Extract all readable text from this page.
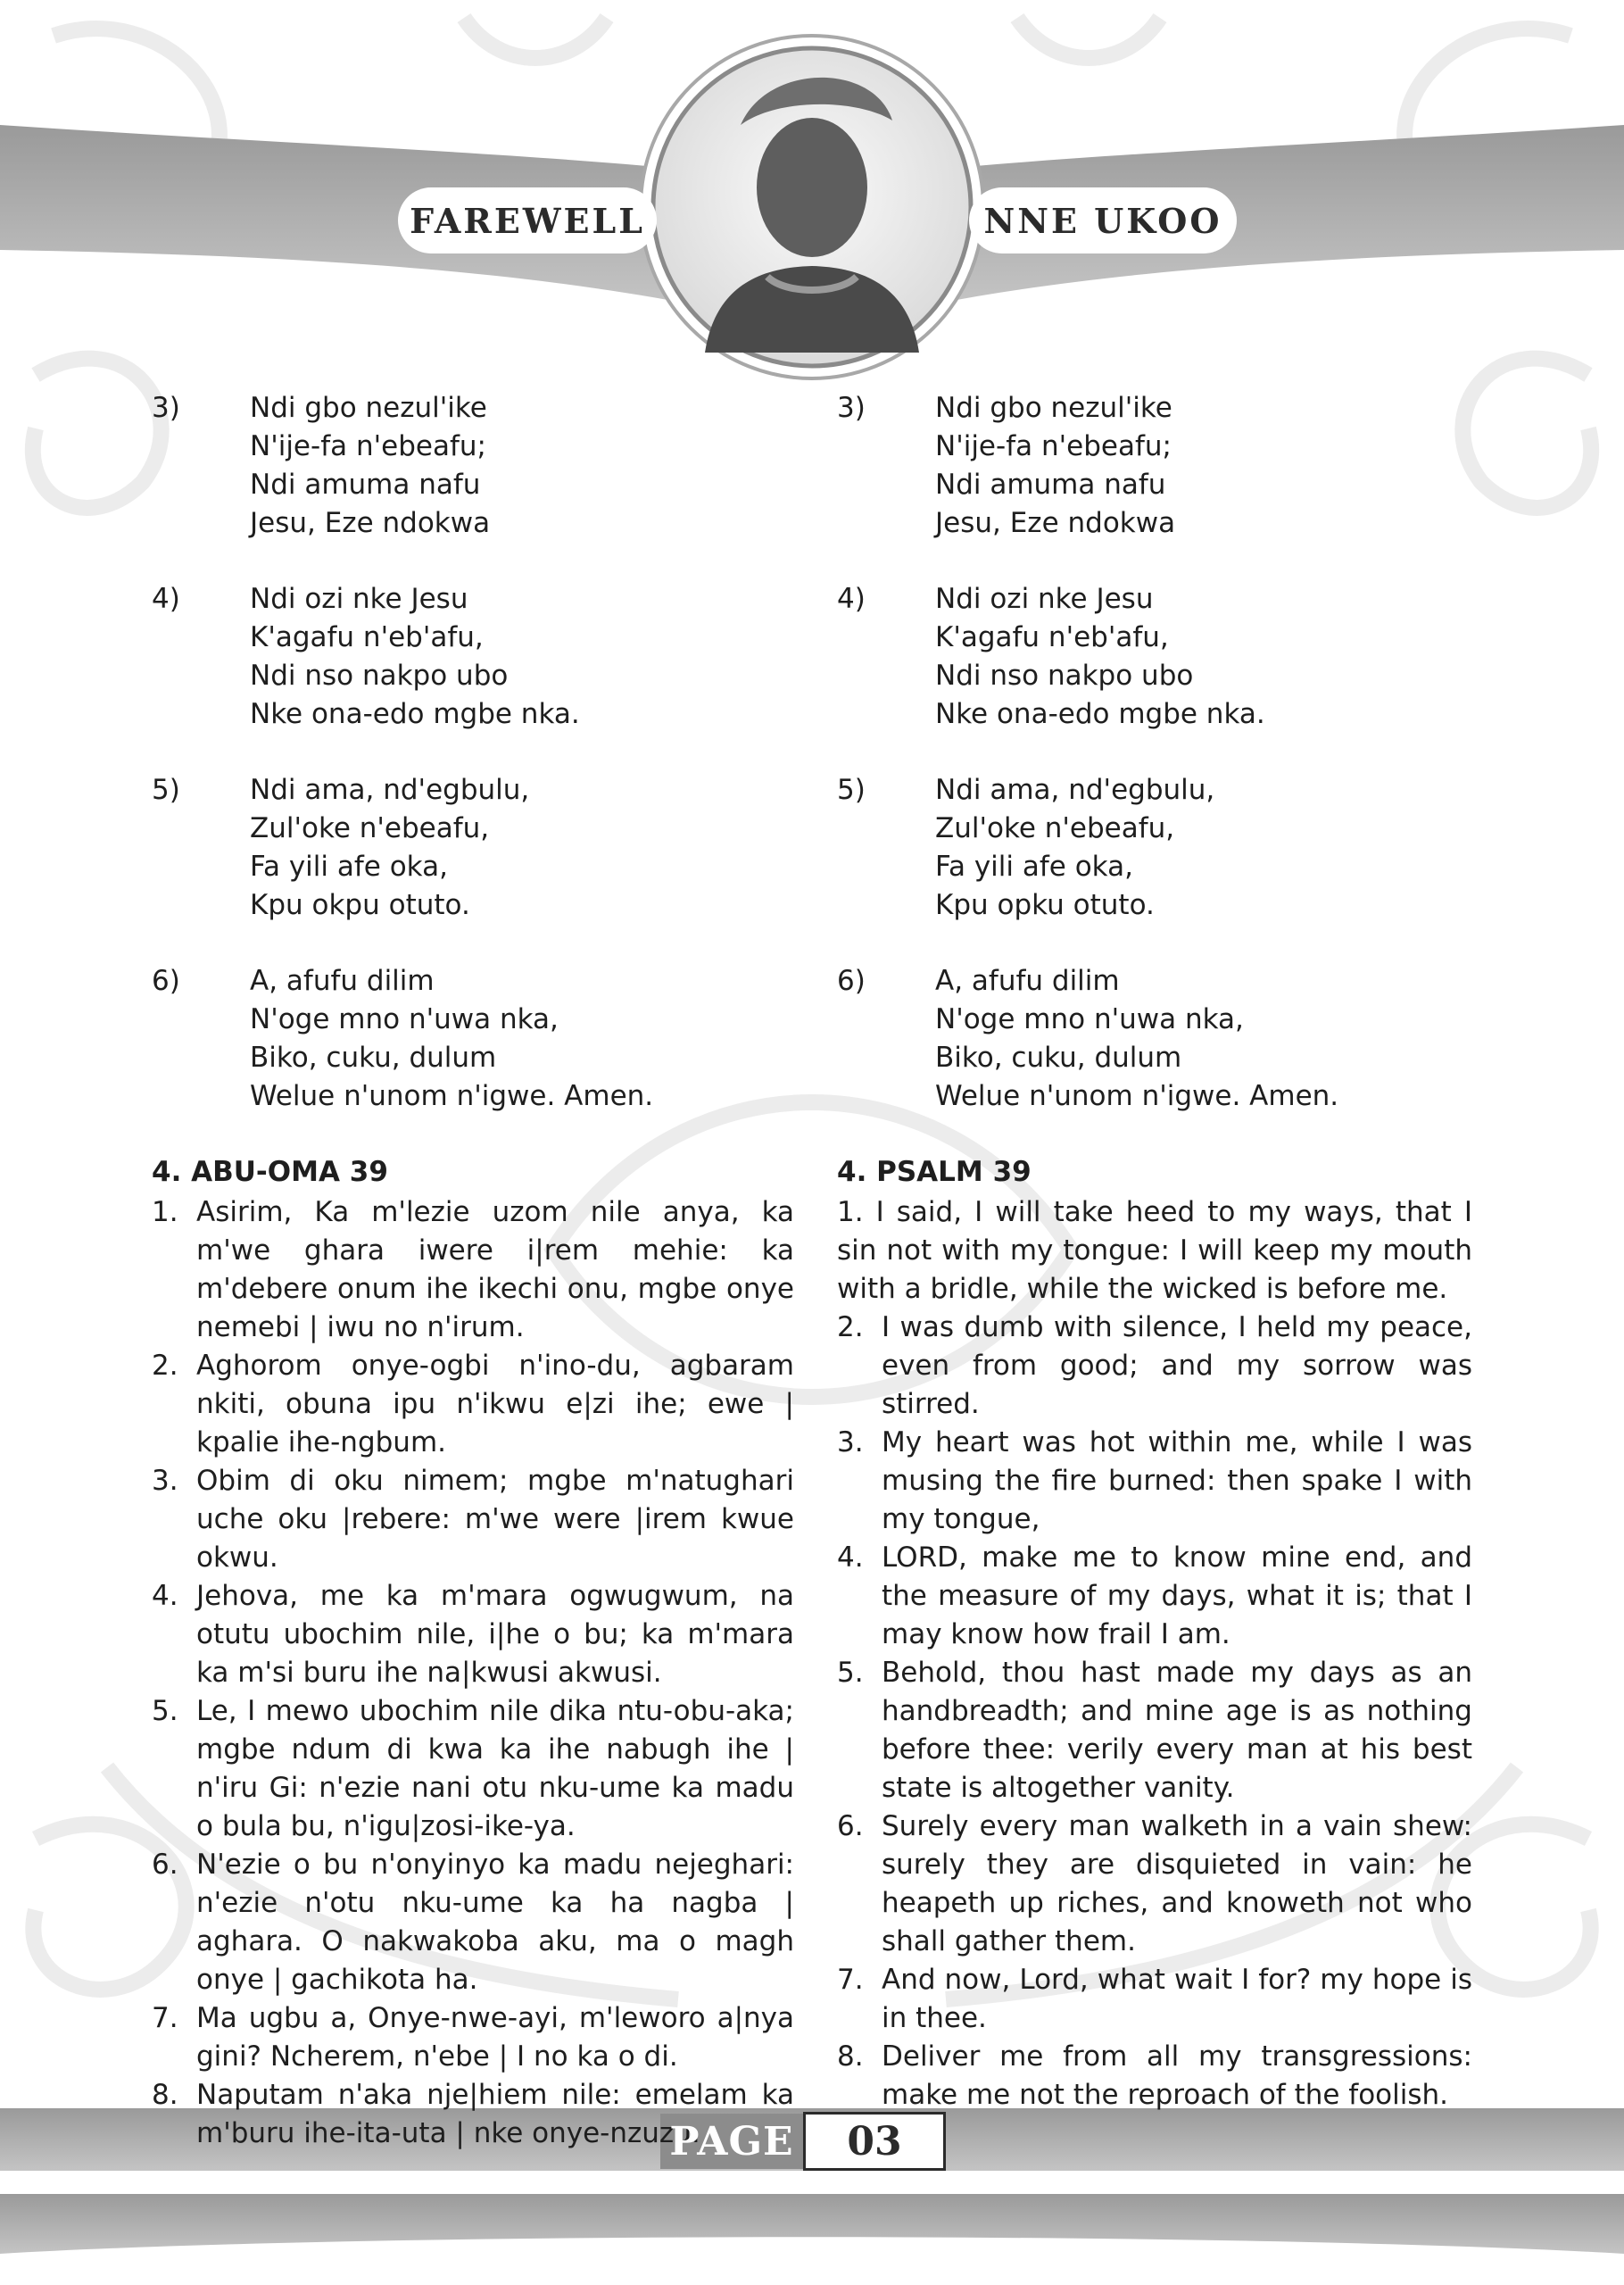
FAREWELL	NNE UKOO
3)	Ndi gbo nezul'ike
N'ije-fa n'ebeafu;
Ndi amuma nafu
Jesu, Eze ndokwa
4)	Ndi ozi nke Jesu
K'agafu n'eb'afu,
Ndi nso nakpo ubo
Nke ona-edo mgbe nka.
5)	Ndi ama, nd'egbulu,
Zul'oke n'ebeafu,
Fa yili afe oka,
Kpu okpu otuto.
6)	A, afufu dilim
N'oge mno n'uwa nka,
Biko, cuku, dulum
Welue n'unom n'igwe. Amen.
4. ABU-OMA 39
1. Asirim, Ka m'lezie uzom nile anya, ka m'we ghara iwere i|rem mehie: ka m'debere onum ihe ikechi onu, mgbe onye nemebi | iwu no n'irum.
2. Aghorom onye-ogbi n'ino-du, agbaram nkiti, obuna ipu n'ikwu e|zi ihe; ewe | kpalie ihe-ngbum.
3. Obim di oku nimem; mgbe m'natughari uche oku |rebere: m'we were |irem kwue okwu.
4. Jehova, me ka m'mara ogwugwum, na otutu ubochim nile, i|he o bu; ka m'mara ka m'si buru ihe na|kwusi akwusi.
5. Le, I mewo ubochim nile dika ntu-obu-aka; mgbe ndum di kwa ka ihe nabugh ihe | n'iru Gi: n'ezie nani otu nku-ume ka madu o bula bu, n'igu|zosi-ike-ya.
6. N'ezie o bu n'onyinyo ka madu nejeghari: n'ezie n'otu nku-ume ka ha nagba | aghara. O nakwakoba aku, ma o magh onye | gachikota ha.
7. Ma ugbu a, Onye-nwe-ayi, m'leworo a|nya gini? Ncherem, n'ebe | I no ka o di.
8. Naputam n'aka nje|hiem nile: emelam ka m'buru ihe-ita-uta | nke onye-nzuzu.
3)	Ndi gbo nezul'ike
N'ije-fa n'ebeafu;
Ndi amuma nafu
Jesu, Eze ndokwa
4)	Ndi ozi nke Jesu
K'agafu n'eb'afu,
Ndi nso nakpo ubo
Nke ona-edo mgbe nka.
5)	Ndi ama, nd'egbulu,
Zul'oke n'ebeafu,
Fa yili afe oka,
Kpu opku otuto.
6)	A, afufu dilim
N'oge mno n'uwa nka,
Biko, cuku, dulum
Welue n'unom n'igwe. Amen.
4. PSALM 39
1. I said, I will take heed to my ways, that I sin not with my tongue: I will keep my mouth with a bridle, while the wicked is before me.
2. I was dumb with silence, I held my peace, even from good; and my sorrow was stirred.
3. My heart was hot within me, while I was musing the fire burned: then spake I with my tongue,
4. LORD, make me to know mine end, and the measure of my days, what it is; that I may know how frail I am.
5. Behold, thou hast made my days as an handbreadth; and mine age is as nothing before thee: verily every man at his best state is altogether vanity.
6. Surely every man walketh in a vain shew: surely they are disquieted in vain: he heapeth up riches, and knoweth not who shall gather them.
7. And now, Lord, what wait I for? my hope is in thee.
8. Deliver me from all my transgressions: make me not the reproach of the foolish.
PAGE	03
